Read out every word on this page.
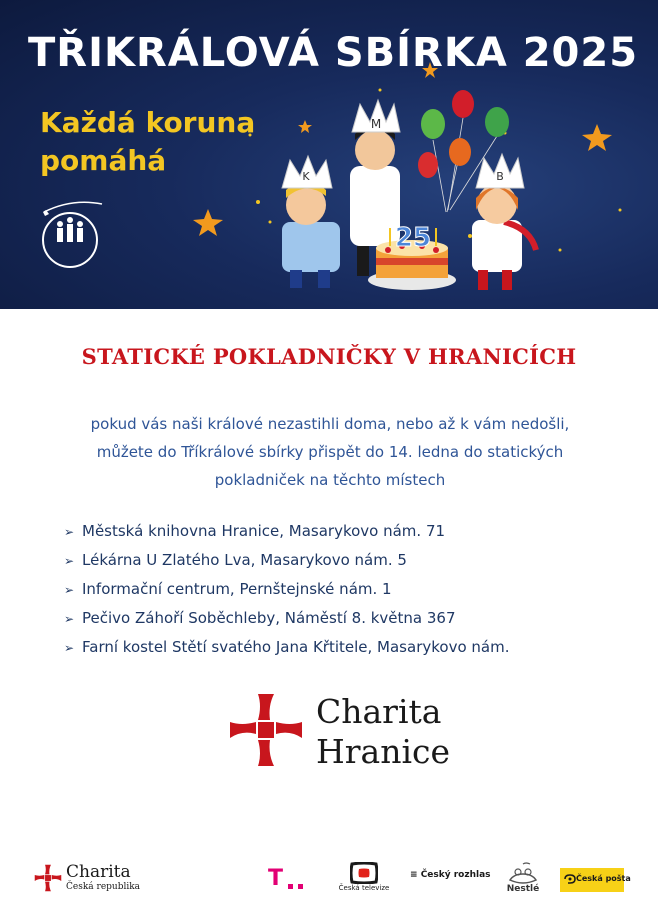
M
K	B
25
TŘIKRÁLOVÁ SBÍRKA 2025
Každá koruna
pomáhá
STATICKÉ POKLADNIČKY V HRANICÍCH
pokud vás naši králové nezastihli doma, nebo až k vám nedošli,
můžete do Tříkrálové sbírky přispět do 14. ledna do statických
pokladniček na těchto místech
➢ Městská knihovna Hranice, Masarykovo nám. 71
➢ Lékárna U Zlatého Lva, Masarykovo nám. 5
➢ Informační centrum, Pernštejnské nám. 1
➢ Pečivo Záhoří Soběchleby, Náměstí 8. května 367
➢ Farní kostel Stětí svatého Jana Křtitele, Masarykovo nám.
Charita
Hranice
Charita
Česká republika	T	Česká televize
≡ Český rozhlas
Nestlé
Česká pošta
